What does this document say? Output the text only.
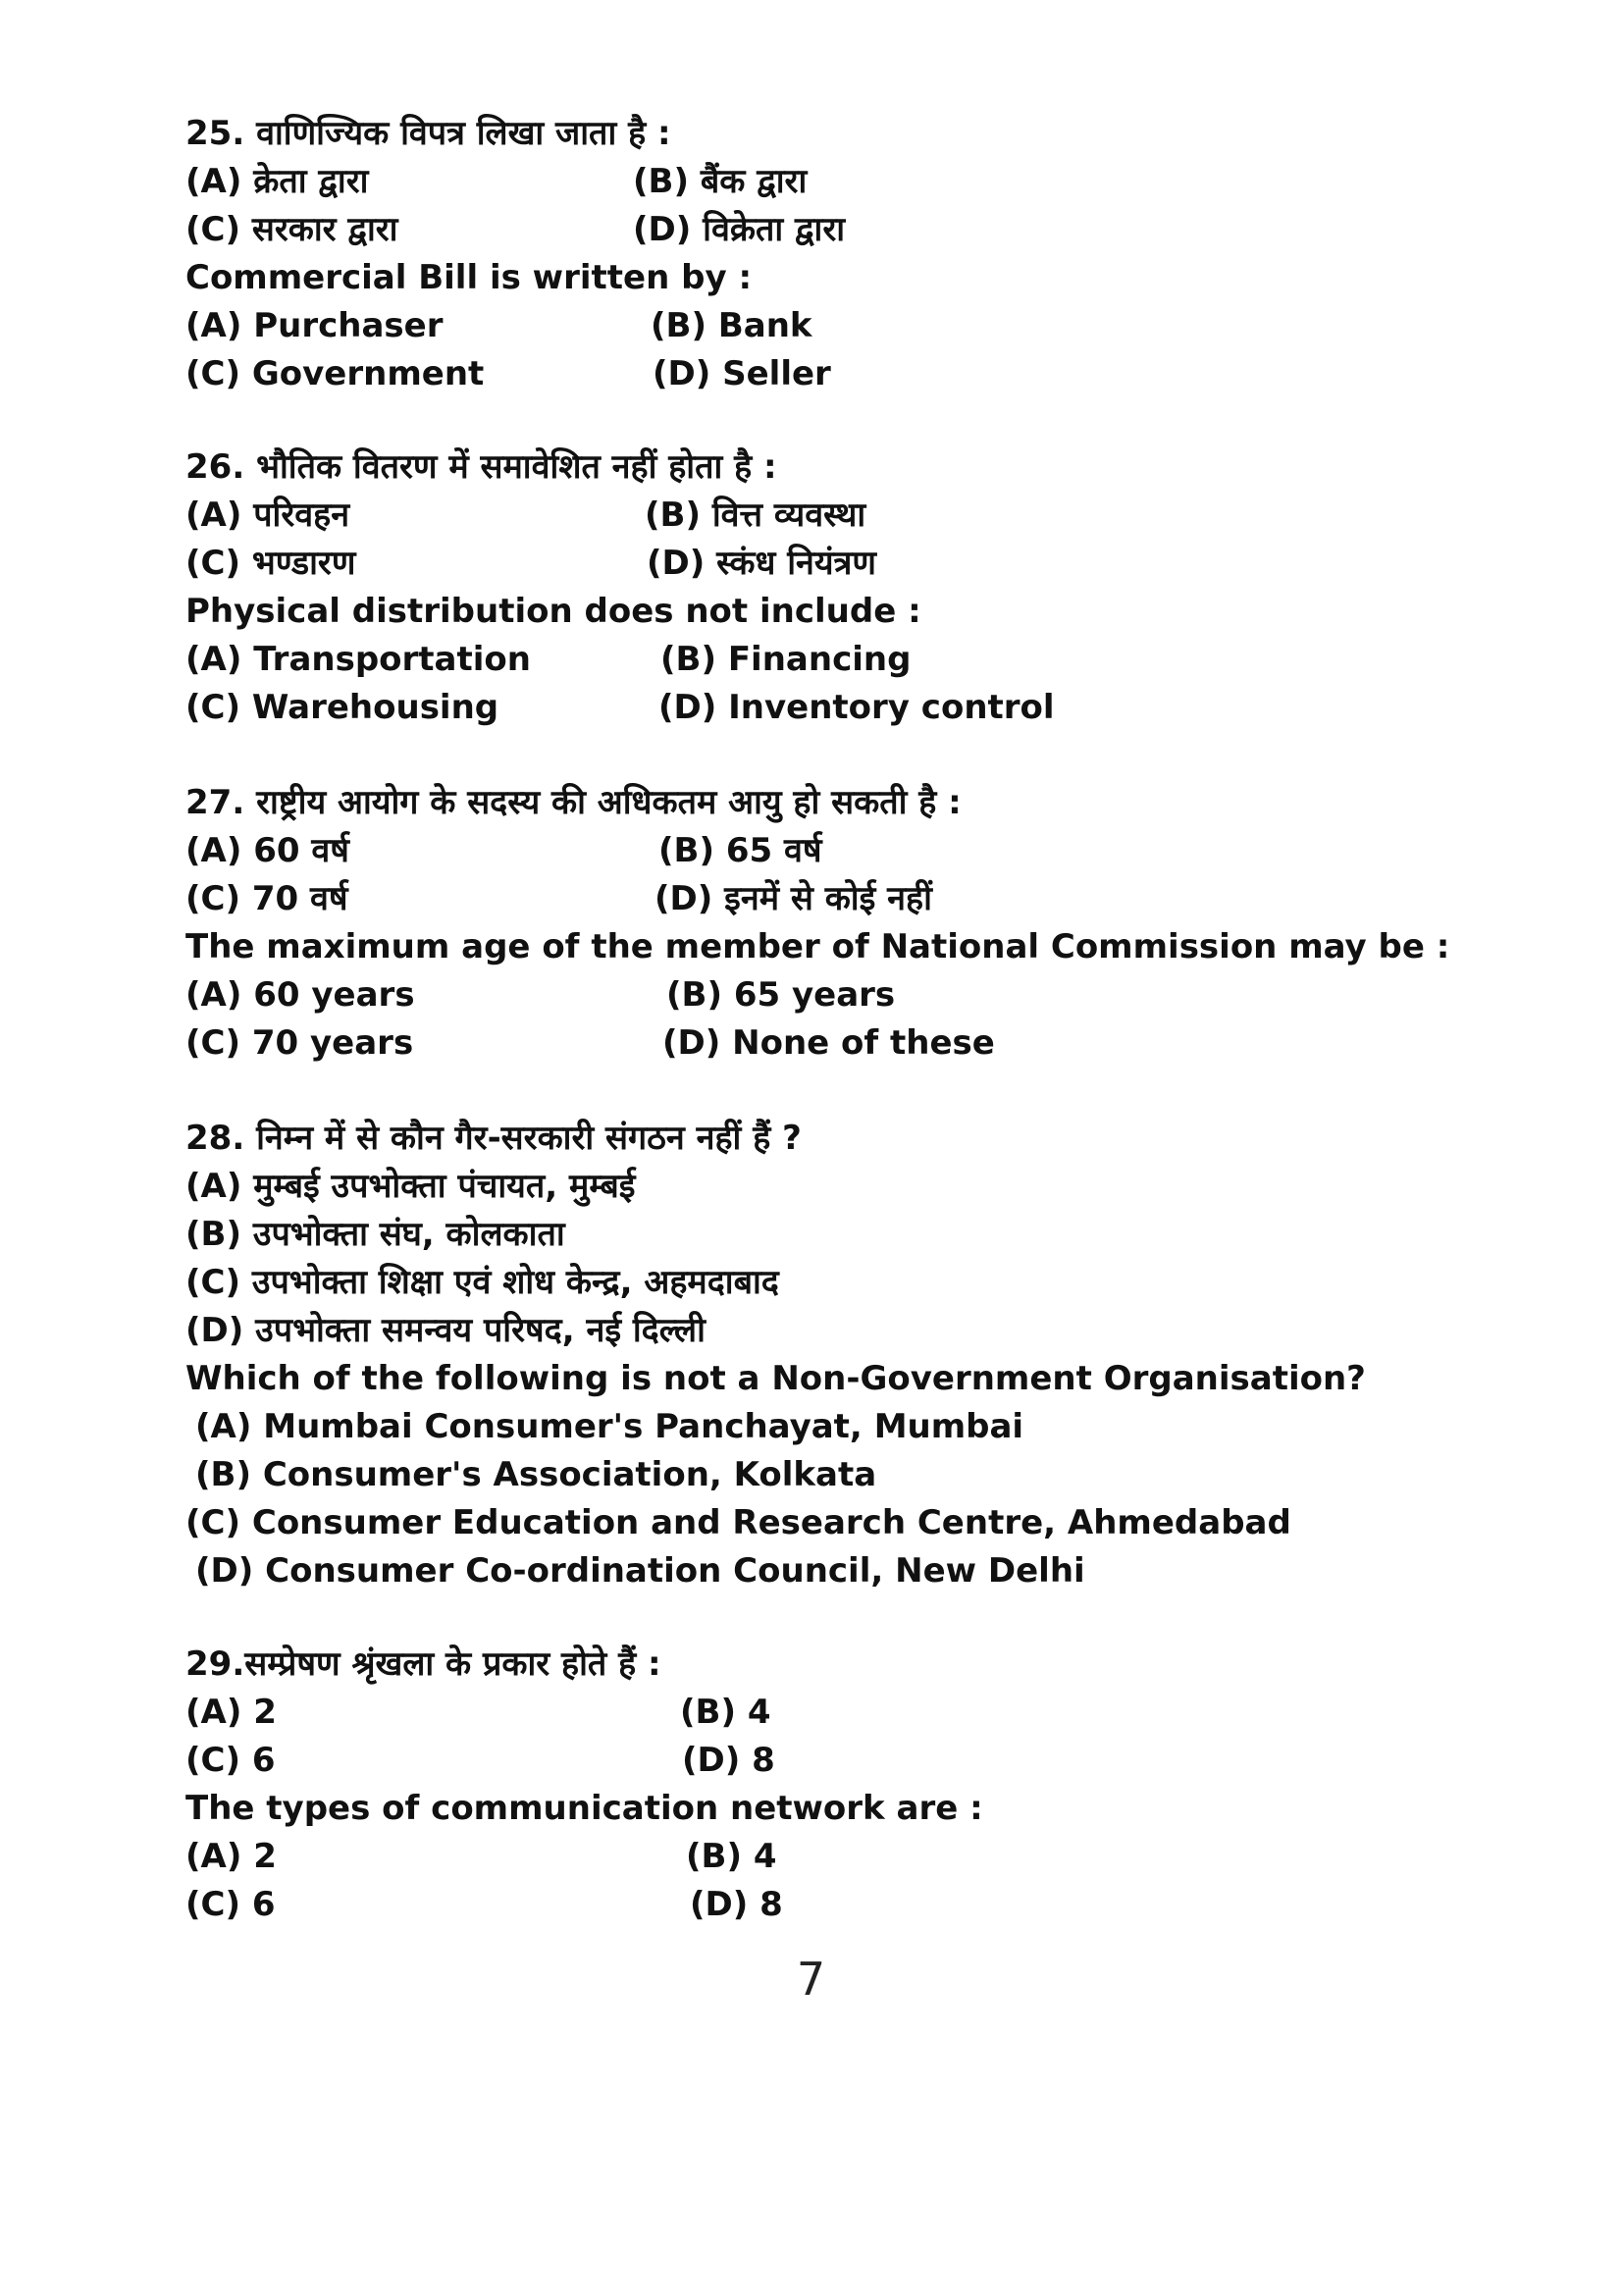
25. वाणिज्यिक विपत्र लिखा जाता है :
(A) क्रेता द्वारा	(B) बैंक द्वारा
(C) सरकार द्वारा	(D) विक्रेता द्वारा
Commercial Bill is written by :
(A) Purchaser	(B) Bank
(C) Government	(D) Seller
26. भौतिक वितरण में समावेशित नहीं होता है :
(A) परिवहन	(B) वित्त व्यवस्था
(C) भण्डारण	(D) स्कंध नियंत्रण
Physical distribution does not include :
(A) Transportation	(B) Financing
(C) Warehousing	(D) Inventory control
27. राष्ट्रीय आयोग के सदस्य की अधिकतम आयु हो सकती है :
(A) 60 वर्ष	(B) 65 वर्ष
(C) 70 वर्ष	(D) इनमें से कोई नहीं
The maximum age of the member of National Commission may be :
(A) 60 years	(B) 65 years
(C) 70 years	(D) None of these
28. निम्न में से कौन गैर-सरकारी संगठन नहीं हैं ?
(A) मुम्बई उपभोक्ता पंचायत, मुम्बई
(B) उपभोक्ता संघ, कोलकाता
(C) उपभोक्ता शिक्षा एवं शोध केन्द्र, अहमदाबाद
(D) उपभोक्ता समन्वय परिषद, नई दिल्ली
Which of the following is not a Non-Government Organisation?
(A) Mumbai Consumer's Panchayat, Mumbai
(B) Consumer's Association, Kolkata
(C) Consumer Education and Research Centre, Ahmedabad
(D) Consumer Co-ordination Council, New Delhi
29.सम्प्रेषण श्रृंखला के प्रकार होते हैं :
(A) 2	(B) 4
(C) 6	(D) 8
The types of communication network are :
(A) 2	(B) 4
(C) 6	(D) 8
7
